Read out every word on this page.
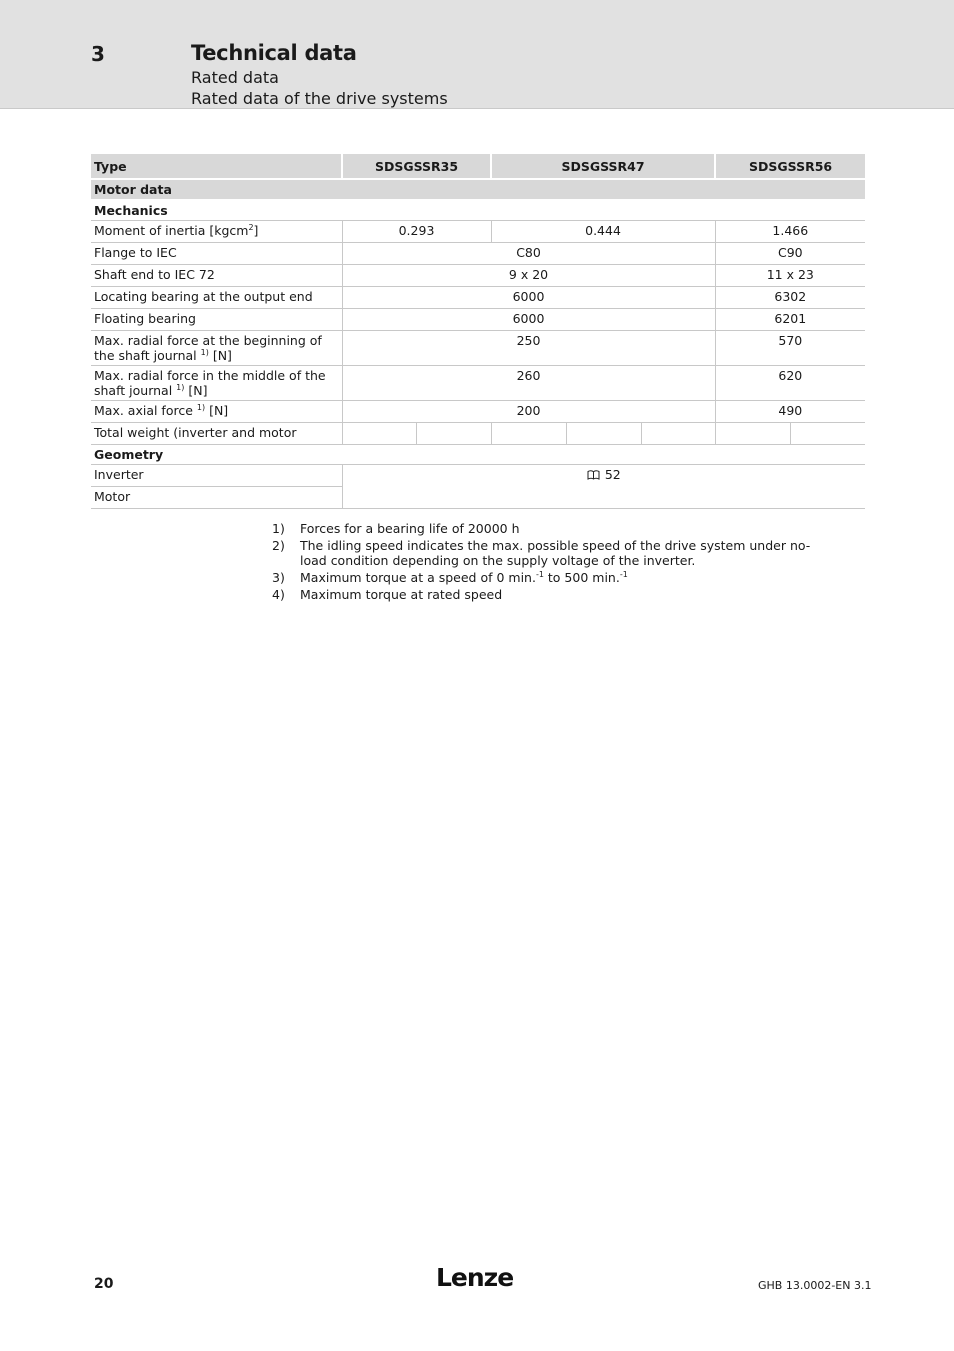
3	Technical data
Rated data
Rated data of the drive systems
Type	SDSGSSR35		SDSGSSR47			SDSGSSR56	
Motor data							
Mechanics							
Moment of inertia [kgcm$^2$]	0.293		0.444			1.466	
Flange to IEC	C80					C90	
Shaft end to IEC 72	9 x 20					11 x 23	
Locating bearing at the output end	6000					6302	
Floating bearing	6000					6201	
Max. radial force at the beginning of the shaft journal $^{1)}$ [N]	250					570	
Max. radial force in the middle of the shaft journal $^{1)}$ [N]	260					620	
Max. axial force $^{1)}$ [N]	200					490	
Total weight (inverter and motor							
Geometry							
Inverter	52						
Motor							
1)	Forces for a bearing life of 20000 h
2)	The idling speed indicates the max. possible speed of the drive system under no-load condition depending on the supply voltage of the inverter.
3)	Maximum torque at a speed of 0 min.$^{-1}$ to 500 min.$^{-1}$
4)	Maximum torque at rated speed
20	Lenze	GHB 13.0002-EN 3.1
